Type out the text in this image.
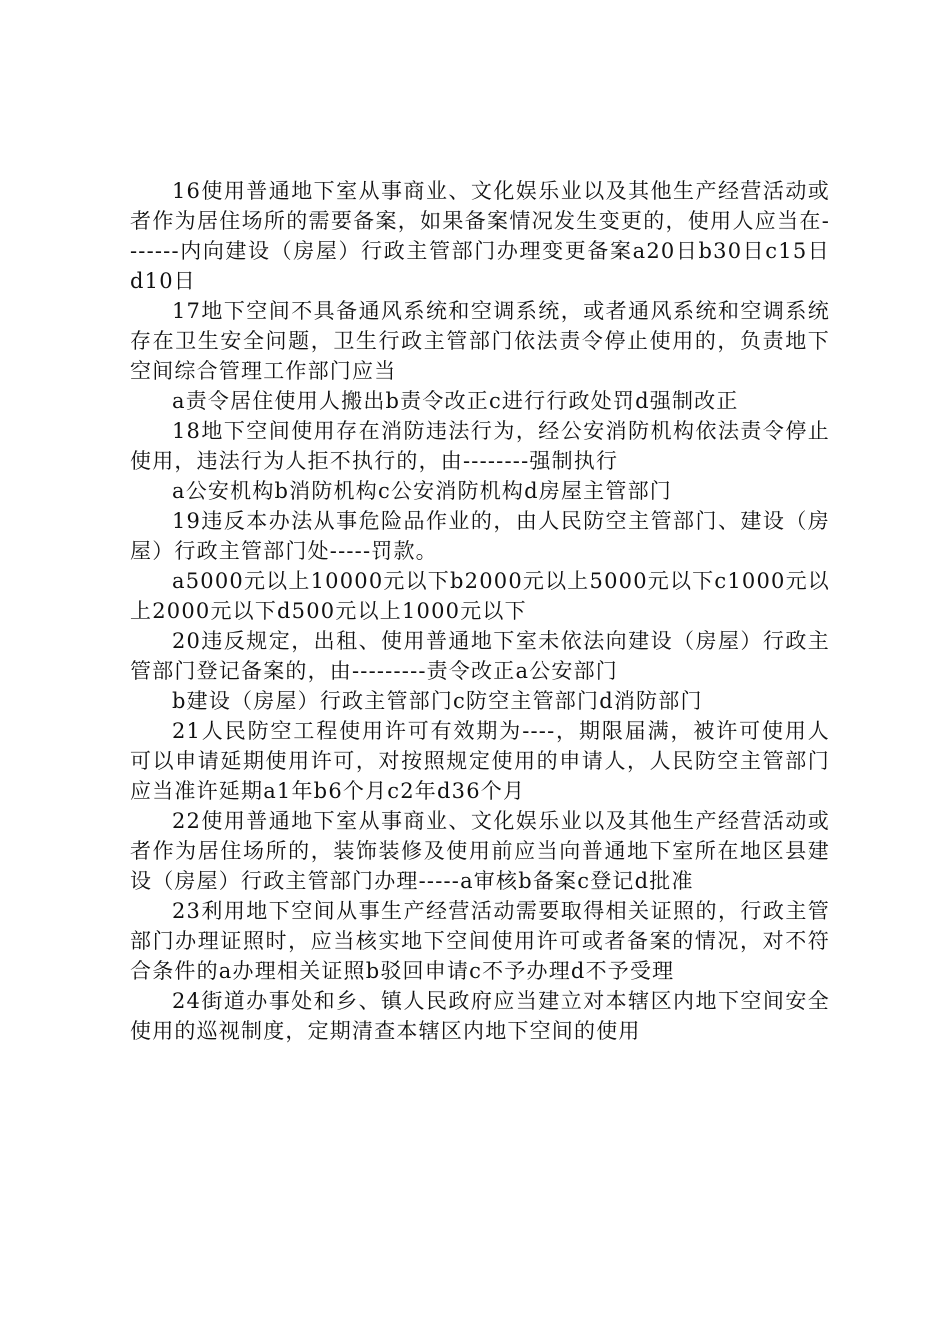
16使用普通地下室从事商业、文化娱乐业以及其他生产经营活动或者作为居住场所的需要备案，如果备案情况发生变更的，使用人应当在-------内向建设（房屋）行政主管部门办理变更备案a20日b30日c15日d10日

17地下空间不具备通风系统和空调系统，或者通风系统和空调系统存在卫生安全问题，卫生行政主管部门依法责令停止使用的，负责地下空间综合管理工作部门应当

a责令居住使用人搬出b责令改正c进行行政处罚d强制改正

18地下空间使用存在消防违法行为，经公安消防机构依法责令停止使用，违法行为人拒不执行的，由--------强制执行

a公安机构b消防机构c公安消防机构d房屋主管部门

19违反本办法从事危险品作业的，由人民防空主管部门、建设（房屋）行政主管部门处-----罚款。

a5000元以上10000元以下b2000元以上5000元以下c1000元以上2000元以下d500元以上1000元以下

20违反规定，出租、使用普通地下室未依法向建设（房屋）行政主管部门登记备案的，由---------责令改正a公安部门

b建设（房屋）行政主管部门c防空主管部门d消防部门

21人民防空工程使用许可有效期为----，期限届满，被许可使用人可以申请延期使用许可，对按照规定使用的申请人，人民防空主管部门应当准许延期a1年b6个月c2年d36个月

22使用普通地下室从事商业、文化娱乐业以及其他生产经营活动或者作为居住场所的，装饰装修及使用前应当向普通地下室所在地区县建设（房屋）行政主管部门办理-----a审核b备案c登记d批准

23利用地下空间从事生产经营活动需要取得相关证照的，行政主管部门办理证照时，应当核实地下空间使用许可或者备案的情况，对不符合条件的a办理相关证照b驳回申请c不予办理d不予受理

24街道办事处和乡、镇人民政府应当建立对本辖区内地下空间安全使用的巡视制度，定期清查本辖区内地下空间的使用
